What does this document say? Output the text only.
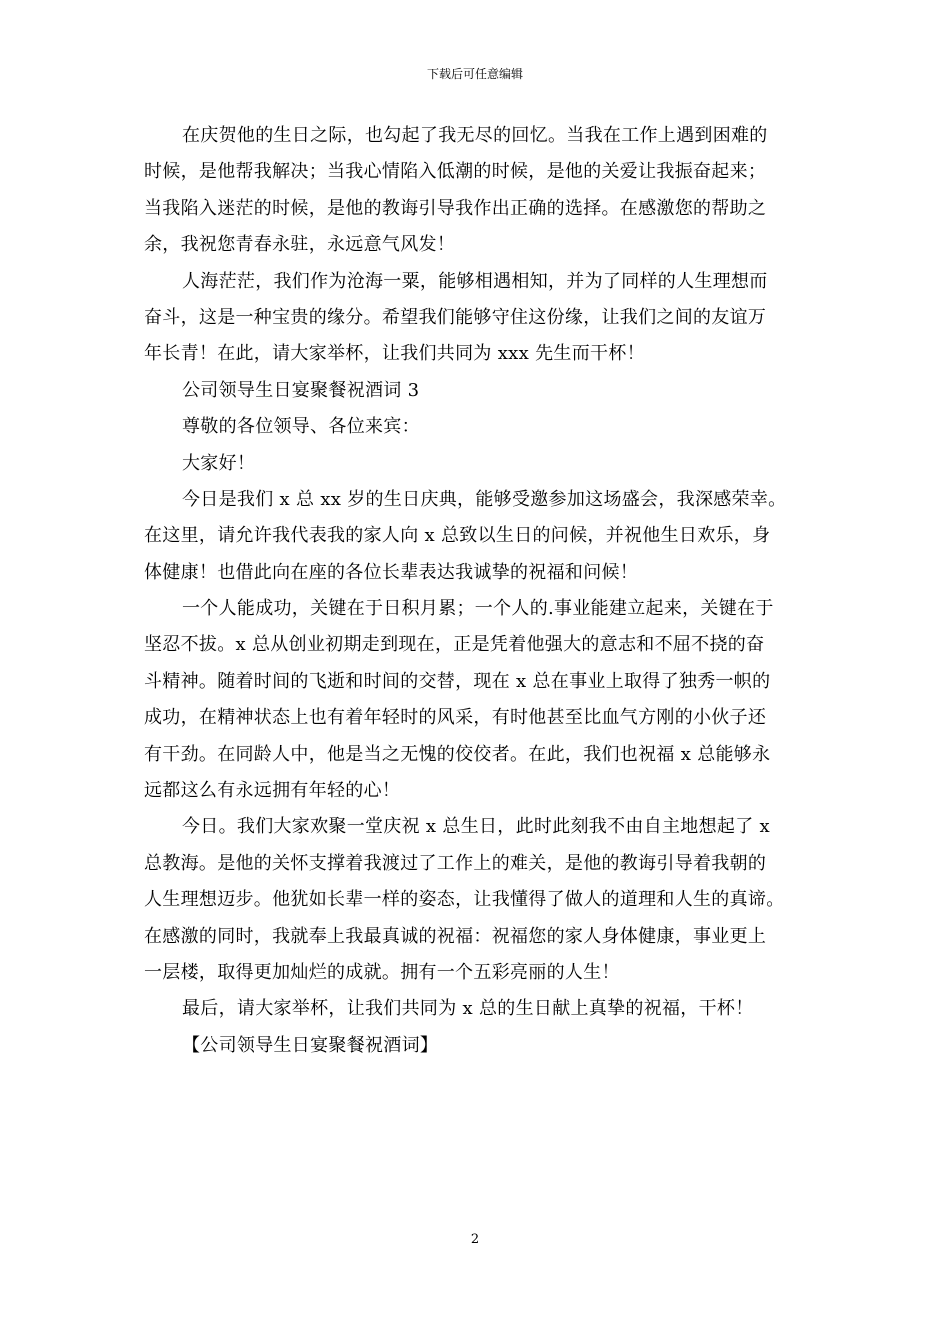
下载后可任意编辑
在庆贺他的生日之际，也勾起了我无尽的回忆。当我在工作上遇到困难的
时候，是他帮我解决；当我心情陷入低潮的时候，是他的关爱让我振奋起来；
当我陷入迷茫的时候，是他的教诲引导我作出正确的选择。在感激您的帮助之
余，我祝您青春永驻，永远意气风发！
人海茫茫，我们作为沧海一粟，能够相遇相知，并为了同样的人生理想而
奋斗，这是一种宝贵的缘分。希望我们能够守住这份缘，让我们之间的友谊万
年长青！在此，请大家举杯，让我们共同为 xxx 先生而干杯！
公司领导生日宴聚餐祝酒词 3
尊敬的各位领导、各位来宾：
大家好！
今日是我们 x 总 xx 岁的生日庆典，能够受邀参加这场盛会，我深感荣幸。
在这里，请允许我代表我的家人向 x 总致以生日的问候，并祝他生日欢乐，身
体健康！也借此向在座的各位长辈表达我诚挚的祝福和问候！
一个人能成功，关键在于日积月累；一个人的.事业能建立起来，关键在于
坚忍不拔。x 总从创业初期走到现在，正是凭着他强大的意志和不屈不挠的奋
斗精神。随着时间的飞逝和时间的交替，现在 x 总在事业上取得了独秀一帜的
成功，在精神状态上也有着年轻时的风采，有时他甚至比血气方刚的小伙子还
有干劲。在同龄人中，他是当之无愧的佼佼者。在此，我们也祝福 x 总能够永
远都这么有永远拥有年轻的心！
今日。我们大家欢聚一堂庆祝 x 总生日，此时此刻我不由自主地想起了 x
总教海。是他的关怀支撑着我渡过了工作上的难关，是他的教诲引导着我朝的
人生理想迈步。他犹如长辈一样的姿态，让我懂得了做人的道理和人生的真谛。
在感激的同时，我就奉上我最真诚的祝福：祝福您的家人身体健康，事业更上
一层楼，取得更加灿烂的成就。拥有一个五彩亮丽的人生！
最后，请大家举杯，让我们共同为 x 总的生日献上真挚的祝福，干杯！
【公司领导生日宴聚餐祝酒词】
2
